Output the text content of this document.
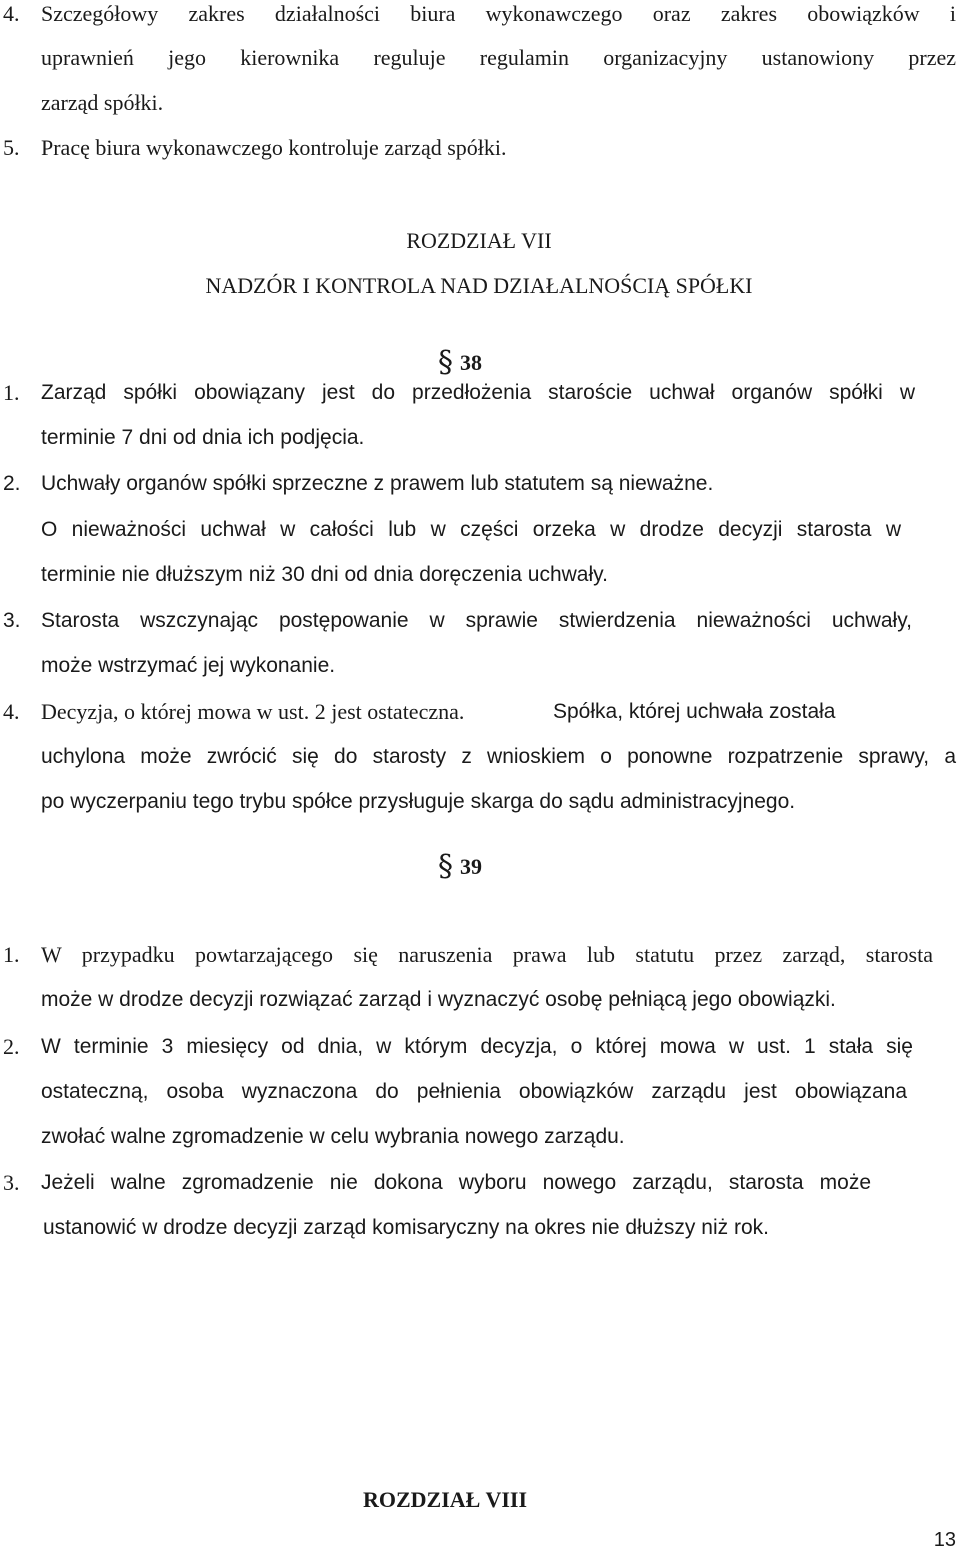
4. Szczegółowy zakres działalności biura wykonawczego oraz zakres obowiązków i
uprawnień jego kierownika reguluje regulamin organizacyjny ustanowiony przez
zarząd spółki.
5. Pracę biura wykonawczego kontroluje zarząd spółki.
ROZDZIAŁ VII
NADZÓR I KONTROLA NAD DZIAŁALNOŚCIĄ SPÓŁKI
§ 38
1. Zarząd spółki obowiązany jest do przedłożenia staroście uchwał organów spółki w
terminie 7 dni od dnia ich podjęcia.
2. Uchwały organów spółki sprzeczne z prawem lub statutem są nieważne.
O nieważności uchwał w całości lub w części orzeka w drodze decyzji starosta w
terminie nie dłuższym niż 30 dni od dnia doręczenia uchwały.
3. Starosta wszczynając postępowanie w sprawie stwierdzenia nieważności uchwały,
może wstrzymać jej wykonanie.
4. Decyzja, o której mowa w ust. 2 jest ostateczna.	Spółka, której uchwała została
uchylona może zwrócić się do starosty z wnioskiem o ponowne rozpatrzenie sprawy, a
po wyczerpaniu tego trybu spółce przysługuje skarga do sądu administracyjnego.
§ 39
1. W przypadku powtarzającego się naruszenia prawa lub statutu przez zarząd, starosta
może w drodze decyzji rozwiązać zarząd i wyznaczyć osobę pełniącą jego obowiązki.
2. W terminie 3 miesięcy od dnia, w którym decyzja, o której mowa w ust. 1 stała się
ostateczną, osoba wyznaczona do pełnienia obowiązków zarządu jest obowiązana
zwołać walne zgromadzenie w celu wybrania nowego zarządu.
3. Jeżeli walne zgromadzenie nie dokona wyboru nowego zarządu, starosta może
ustanowić w drodze decyzji zarząd komisaryczny na okres nie dłuższy niż rok.
ROZDZIAŁ VIII
13
